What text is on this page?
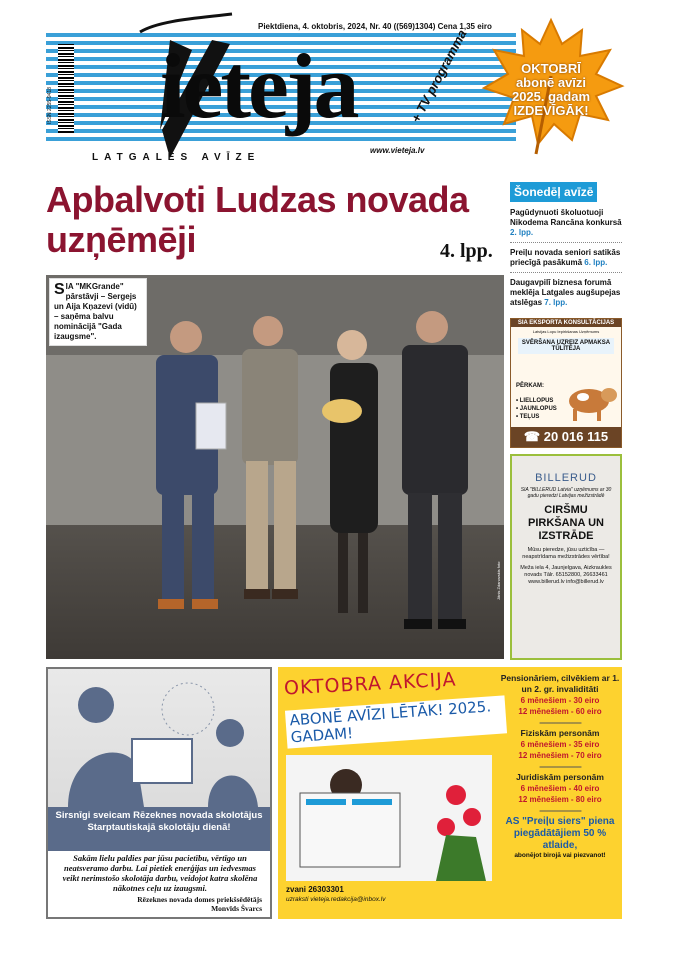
ISSN 2255-9418
Piektdiena, 4. oktobris, 2024, Nr. 40 ((569)1304) Cena 1,35 eiro
ieteja	+ TV programma
LATGALES AVĪZE
www.vieteja.lv
OKTOBRĪ
abonē avīzi
2025. gadam
IZDEVĪGĀK!
Apbalvoti Ludzas novada uzņēmēji	4. lpp.
Šonedēļ avīzē
Pagūdynuoti školuotuoji Nikodema Rancāna konkursā 2. lpp.
Preiļu novada seniori satikās priecīgā pasākumā 6. lpp.
Daugavpilī biznesa forumā meklēja Latgales augšupejas atslēgas 7. lpp.
SIA "MKGrande" pārstāvji – Sergejs un Aija Kņazevi (vidū) – saņēma balvu nominācijā "Gada izaugsme".
Jānis Zdanovskis foto
SIA EKSPORTA KONSULTĀCIJAS
Latvijas Lopu Iepirkšanas Uzņēmums
SVĒRŠANA UZREIZ APMAKSA TŪLĪTĒJA
PĒRKAM:
• LIELLOPUS
• JAUNLOPUS
• TEĻUS
☎ 20 016 115
BILLERUD
SIA "BILLERUD Latvia" uzņēmums ar 30 gadu pieredzi Latvijas mežizstrādē
CIRŠMU PIRKŠANA UN IZSTRĀDE
Mūsu pieredze, jūsu uzticība — neapstrīdama mežizstrādes vērtība!
Meža iela 4, Jaunjelgava, Aizkraukles novads Tālr. 65152800, 26633461 www.billerud.lv info@billerud.lv
Sirsnīgi sveicam Rēzeknes novada skolotājus Starptautiskajā skolotāju dienā!
Sakām lielu paldies par jūsu pacietību, vērtīgo un neatsveramo darbu. Lai pietiek enerģijas un iedvesmas veikt nerimstošo skolotāja darbu, veidojot katra skolēna nākotnes ceļu uz izaugsmi.
Rēzeknes novada domes priekšsēdētājs
Monvīds Švarcs
OKTOBRA AKCIJA
ABONĒ AVĪZI LĒTĀK! 2025. GADAM!
zvani 26303301
uzraksti vieteja.redakcija@inbox.lv
Pensionāriem, cilvēkiem ar 1. un 2. gr. invaliditāti
6 mēnešiem - 30 eiro
12 mēnešiem - 60 eiro
-------------------------
Fiziskām personām
6 mēnešiem - 35 eiro
12 mēnešiem - 70 eiro
-------------------------
Juridiskām personām
6 mēnešiem - 40 eiro
12 mēnešiem - 80 eiro
-------------------------
AS "Preiļu siers" piena piegādātājiem 50 % atlaide,
abonējot birojā vai piezvanot!
